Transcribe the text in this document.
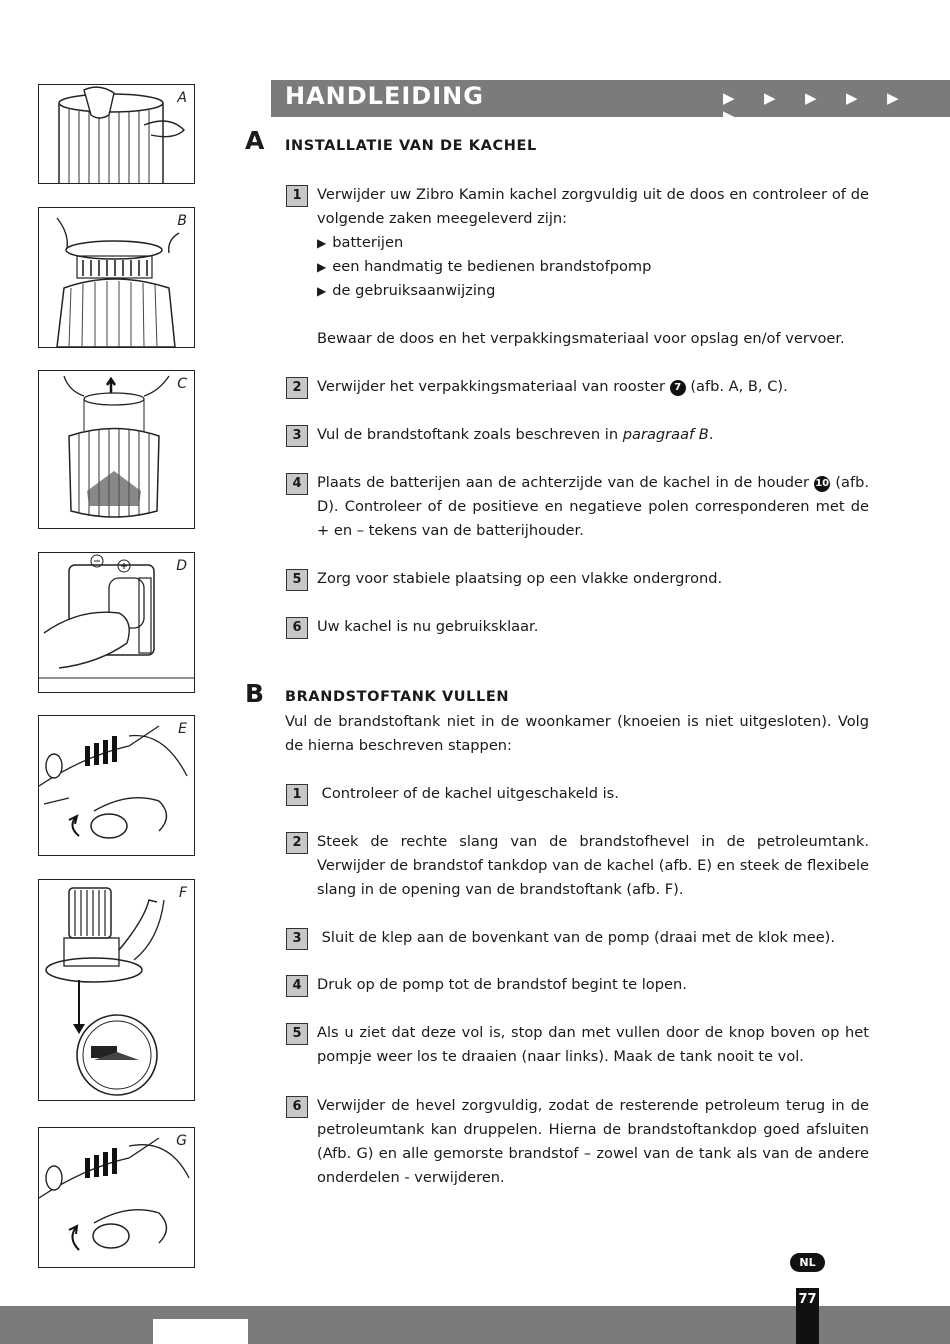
HANDLEIDING	▶ ▶ ▶ ▶ ▶▶
A
B
C
D
E
F
G
A INSTALLATIE VAN DE KACHEL
1	Verwijder uw Zibro Kamin kachel zorgvuldig uit de doos en controleer of de volgende zaken meegeleverd zijn:
▶ batterijen
▶ een handmatig te bedienen brandstofpomp
▶ de gebruiksaanwijzing
Bewaar de doos en het verpakkingsmateriaal voor opslag en/of vervoer.
2	Verwijder het verpakkingsmateriaal van rooster 7 (afb. A, B, C).
3	Vul de brandstoftank zoals beschreven in paragraaf B.
4	Plaats de batterijen aan de achterzijde van de kachel in de houder 10 (afb. D). Controleer of de positieve en negatieve polen corresponderen met de + en – tekens van de batterijhouder.
5	Zorg voor stabiele plaatsing op een vlakke ondergrond.
6	Uw kachel is nu gebruiksklaar.
B BRANDSTOFTANK VULLEN
Vul de brandstoftank niet in de woonkamer (knoeien is niet uitgesloten). Volg de hierna beschreven stappen:
1	Controleer of de kachel uitgeschakeld is.
2	Steek de rechte slang van de brandstofhevel in de petroleumtank. Verwijder de brandstof tankdop van de kachel (afb. E) en steek de flexibele slang in de opening van de brandstoftank (afb. F).
3	Sluit de klep aan de bovenkant van de pomp (draai met de klok mee).
4	Druk op de pomp tot de brandstof begint te lopen.
5	Als u ziet dat deze vol is, stop dan met vullen door de knop boven op het pompje weer los te draaien (naar links). Maak de tank nooit te vol.
6	Verwijder de hevel zorgvuldig, zodat de resterende petroleum terug in de petroleumtank kan druppelen. Hierna de brandstoftankdop goed afsluiten (Afb. G) en alle gemorste brandstof – zowel van de tank als van de andere onderdelen - verwijderen.
NL
77
